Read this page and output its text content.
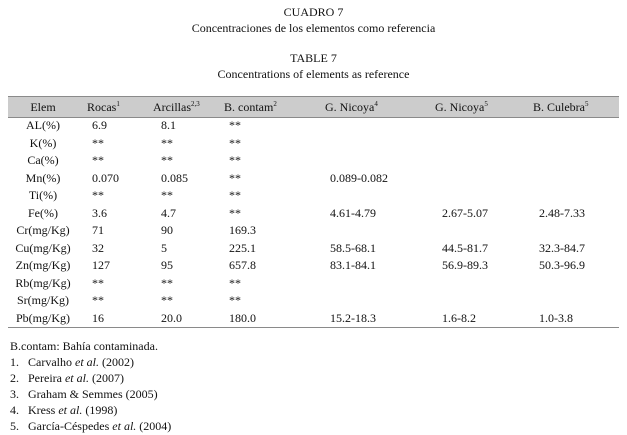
CUADRO 7
Concentraciones de los elementos como referencia
TABLE 7
Concentrations of elements as reference
Elem	Rocas$^1$	Arcillas$^{2,3}$	B. contam$^2$	G. Nicoya$^4$	G. Nicoya$^5$	B. Culebra$^5$
AL(%)	6.9	8.1	**			
K(%)	**	**	**			
Ca(%)	**	**	**			
Mn(%)	0.070	0.085	**	0.089-0.082		
Ti(%)	**	**	**			
Fe(%)	3.6	4.7	**	4.61-4.79	2.67-5.07	2.48-7.33
Cr(mg/Kg)	71	90	169.3			
Cu(mg/Kg)	32	5	225.1	58.5-68.1	44.5-81.7	32.3-84.7
Zn(mg/Kg)	127	95	657.8	83.1-84.1	56.9-89.3	50.3-96.9
Rb(mg/Kg)	**	**	**			
Sr(mg/Kg)	**	**	**			
Pb(mg/Kg)	16	20.0	180.0	15.2-18.3	1.6-8.2	1.0-3.8
B.contam: Bahía contaminada.
1. Carvalho et al. (2002)
2. Pereira et al. (2007)
3. Graham & Semmes (2005)
4. Kress et al. (1998)
5. García-Céspedes et al. (2004)
